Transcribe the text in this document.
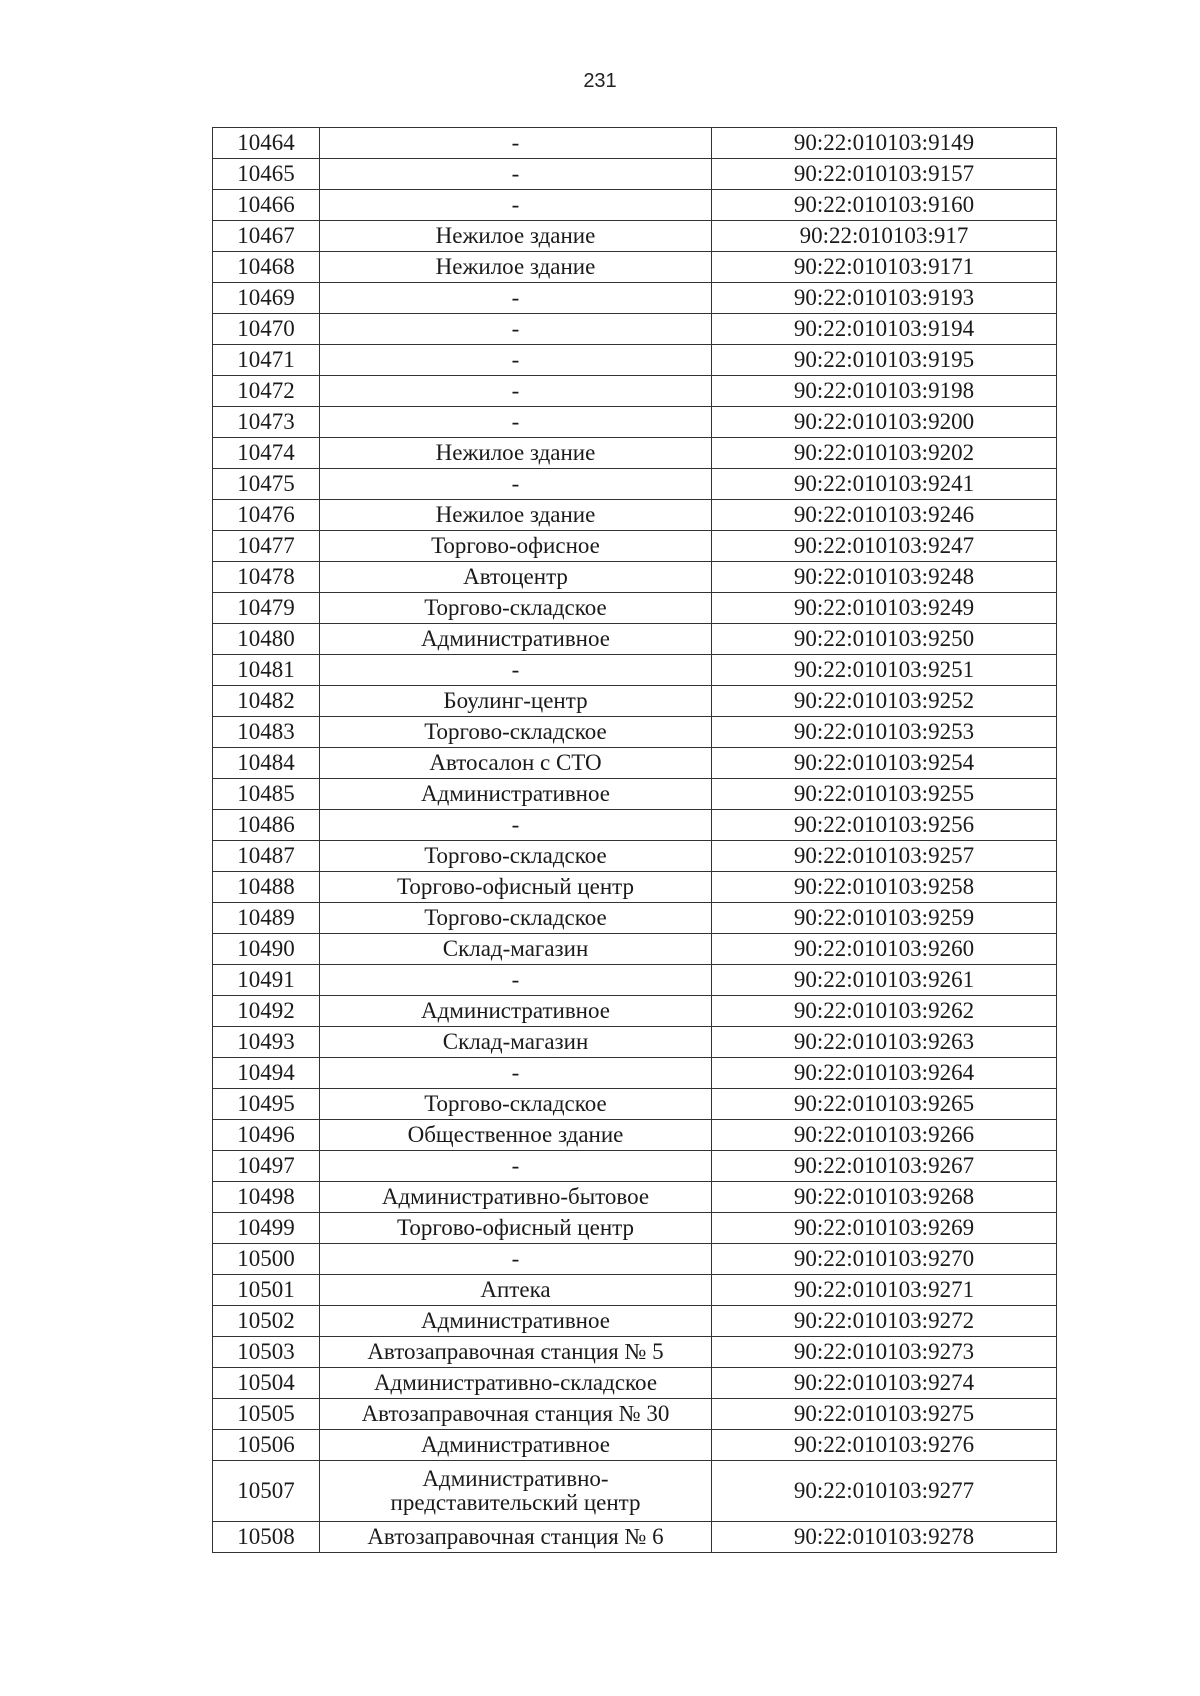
231
10464	-	90:22:010103:9149
10465	-	90:22:010103:9157
10466	-	90:22:010103:9160
10467	Нежилое здание	90:22:010103:917
10468	Нежилое здание	90:22:010103:9171
10469	-	90:22:010103:9193
10470	-	90:22:010103:9194
10471	-	90:22:010103:9195
10472	-	90:22:010103:9198
10473	-	90:22:010103:9200
10474	Нежилое здание	90:22:010103:9202
10475	-	90:22:010103:9241
10476	Нежилое здание	90:22:010103:9246
10477	Торгово-офисное	90:22:010103:9247
10478	Автоцентр	90:22:010103:9248
10479	Торгово-складское	90:22:010103:9249
10480	Административное	90:22:010103:9250
10481	-	90:22:010103:9251
10482	Боулинг-центр	90:22:010103:9252
10483	Торгово-складское	90:22:010103:9253
10484	Автосалон с СТО	90:22:010103:9254
10485	Административное	90:22:010103:9255
10486	-	90:22:010103:9256
10487	Торгово-складское	90:22:010103:9257
10488	Торгово-офисный центр	90:22:010103:9258
10489	Торгово-складское	90:22:010103:9259
10490	Склад-магазин	90:22:010103:9260
10491	-	90:22:010103:9261
10492	Административное	90:22:010103:9262
10493	Склад-магазин	90:22:010103:9263
10494	-	90:22:010103:9264
10495	Торгово-складское	90:22:010103:9265
10496	Общественное здание	90:22:010103:9266
10497	-	90:22:010103:9267
10498	Административно-бытовое	90:22:010103:9268
10499	Торгово-офисный центр	90:22:010103:9269
10500	-	90:22:010103:9270
10501	Аптека	90:22:010103:9271
10502	Административное	90:22:010103:9272
10503	Автозаправочная станция № 5	90:22:010103:9273
10504	Административно-складское	90:22:010103:9274
10505	Автозаправочная станция № 30	90:22:010103:9275
10506	Административное	90:22:010103:9276
10507	Административно-
представительский центр	90:22:010103:9277
10508	Автозаправочная станция № 6	90:22:010103:9278
